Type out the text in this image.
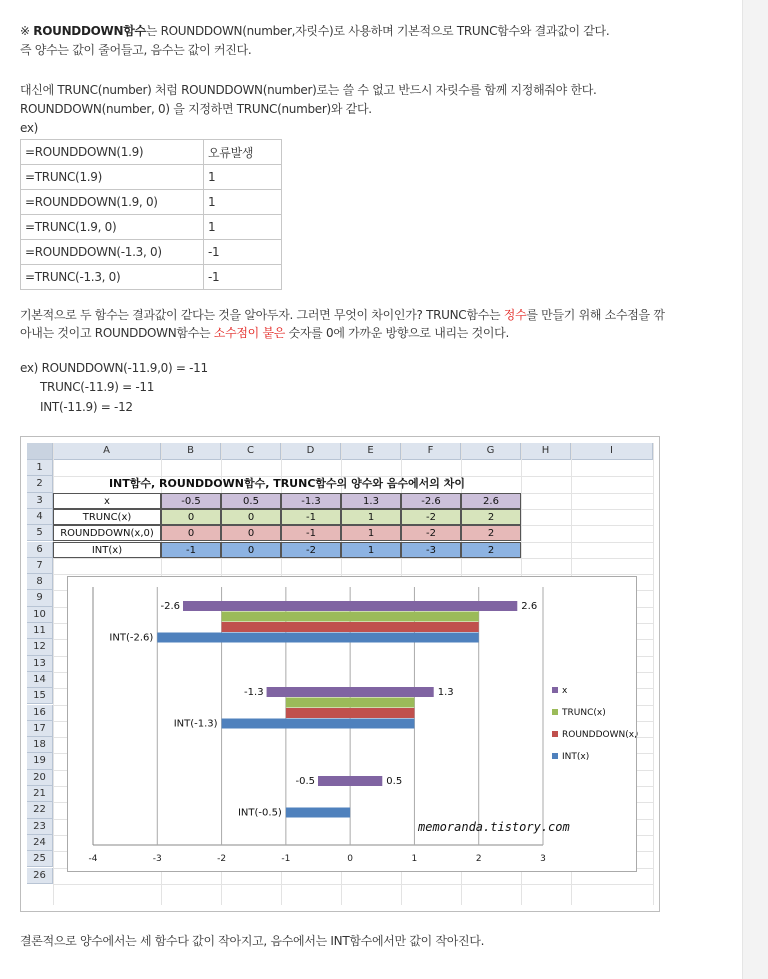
※ ROUNDDOWN함수는 ROUNDDOWN(number,자릿수)로 사용하며 기본적으로 TRUNC함수와 결과값이 같다.
즉 양수는 값이 줄어들고, 음수는 값이 커진다.
대신에 TRUNC(number) 처럼 ROUNDDOWN(number)로는 쓸 수 없고 반드시 자릿수를 함께 지정해줘야 한다.
ROUNDDOWN(number, 0) 을 지정하면 TRUNC(number)와 같다.
ex)
=ROUNDDOWN(1.9)	오류발생
=TRUNC(1.9)	1
=ROUNDDOWN(1.9, 0)	1
=TRUNC(1.9, 0)	1
=ROUNDDOWN(-1.3, 0)	-1
=TRUNC(-1.3, 0)	-1
기본적으로 두 함수는 결과값이 같다는 것을 알아두자. 그러면 무엇이 차이인가? TRUNC함수는 정수를 만들기 위해 소수점을 깎
아내는 것이고 ROUNDDOWN함수는 소수점이 붙은 숫자를 0에 가까운 방향으로 내리는 것이다.
ex) ROUNDDOWN(-11.9,0) = -11
TRUNC(-11.9) = -11
INT(-11.9) = -12
결론적으로 양수에서는 세 함수다 값이 작아지고, 음수에서는 INT함수에서만 값이 작아진다.
A	B	C	D	E	F	G	H	I
1
2
3
4
5
6
7
8
9
10
11
12
13
14
15
16
17
18
19
20
21
22
23
24
25
26
INT함수, ROUNDDOWN함수, TRUNC함수의 양수와 음수에서의 차이
x	-0.5	0.5	-1.3	1.3	-2.6	2.6
TRUNC(x)	0	0	-1	1	-2	2
ROUNDDOWN(x,0)	0	0	-1	1	-2	2
INT(x)	-1	0	-2	1	-3	2
-4	-3	-2	-1	0	1	2	3
-2.6	2.6
INT(-2.6)
-1.3	1.3
INT(-1.3)
-0.5	0.5
INT(-0.5)
x
TRUNC(x)
ROUNDDOWN(x,0)
INT(x)
memoranda.tistory.com
